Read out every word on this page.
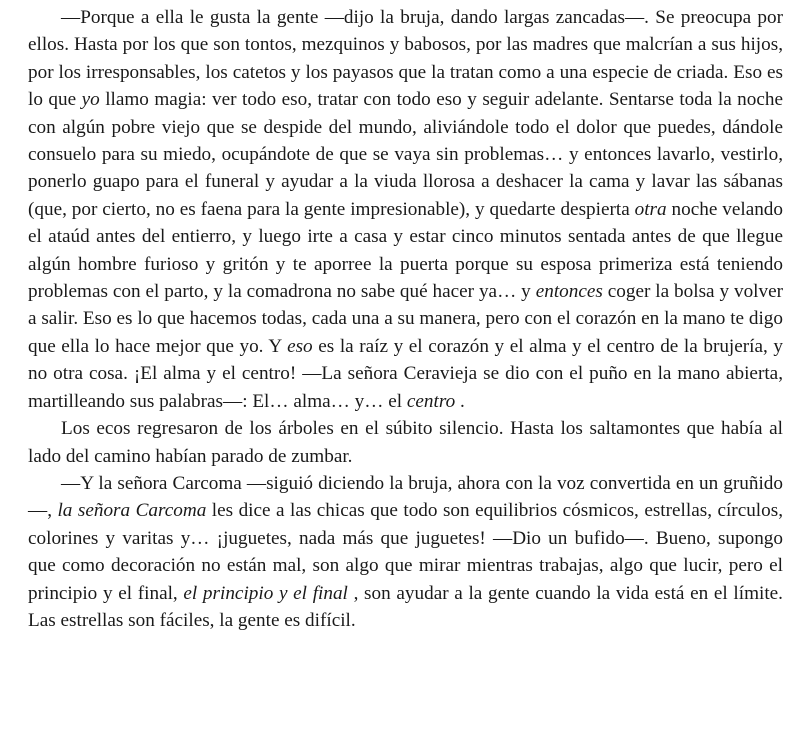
—Porque a ella le gusta la gente —dijo la bruja, dando largas zancadas—. Se preocupa por ellos. Hasta por los que son tontos, mezquinos y babosos, por las madres que malcrían a sus hijos, por los irresponsables, los catetos y los payasos que la tratan como a una especie de criada. Eso es lo que yo llamo magia: ver todo eso, tratar con todo eso y seguir adelante. Sentarse toda la noche con algún pobre viejo que se despide del mundo, aliviándole todo el dolor que puedes, dándole consuelo para su miedo, ocupándote de que se vaya sin problemas… y entonces lavarlo, vestirlo, ponerlo guapo para el funeral y ayudar a la viuda llorosa a deshacer la cama y lavar las sábanas (que, por cierto, no es faena para la gente impresionable), y quedarte despierta otra noche velando el ataúd antes del entierro, y luego irte a casa y estar cinco minutos sentada antes de que llegue algún hombre furioso y gritón y te aporree la puerta porque su esposa primeriza está teniendo problemas con el parto, y la comadrona no sabe qué hacer ya… y entonces coger la bolsa y volver a salir. Eso es lo que hacemos todas, cada una a su manera, pero con el corazón en la mano te digo que ella lo hace mejor que yo. Y eso es la raíz y el corazón y el alma y el centro de la brujería, y no otra cosa. ¡El alma y el centro! —La señora Ceravieja se dio con el puño en la mano abierta, martilleando sus palabras—: El… alma… y… el centro .

Los ecos regresaron de los árboles en el súbito silencio. Hasta los saltamontes que había al lado del camino habían parado de zumbar.

—Y la señora Carcoma —siguió diciendo la bruja, ahora con la voz convertida en un gruñido—, la señora Carcoma les dice a las chicas que todo son equilibrios cósmicos, estrellas, círculos, colorines y varitas y… ¡juguetes, nada más que juguetes! —Dio un bufido—. Bueno, supongo que como decoración no están mal, son algo que mirar mientras trabajas, algo que lucir, pero el principio y el final, el principio y el final , son ayudar a la gente cuando la vida está en el límite. Las estrellas son fáciles, la gente es difícil.
